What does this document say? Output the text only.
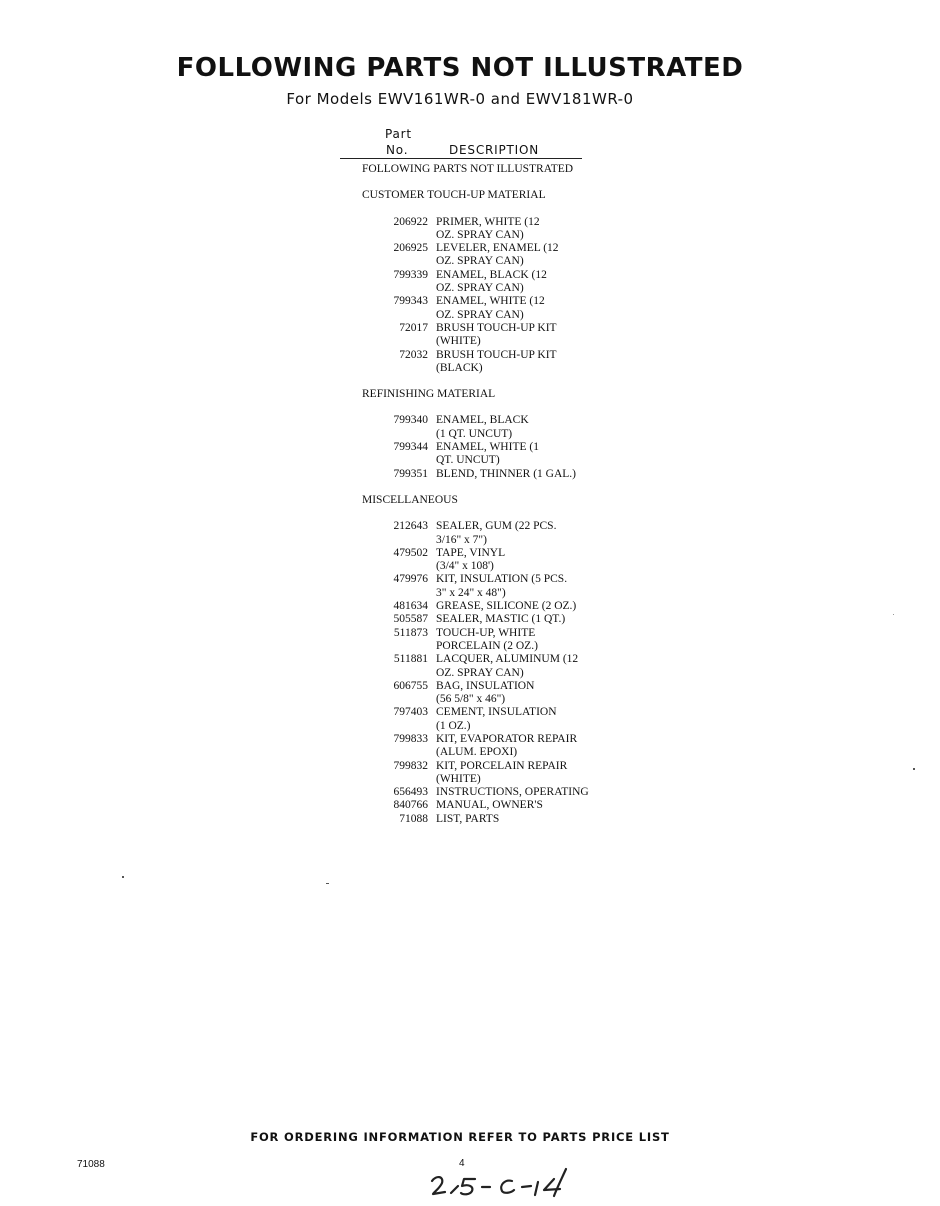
FOLLOWING PARTS NOT ILLUSTRATED
For Models EWV161WR-0 and EWV181WR-0
Part
No.	DESCRIPTION
FOLLOWING PARTS NOT ILLUSTRATED
CUSTOMER TOUCH-UP MATERIAL
206922 PRIMER, WHITE (12
OZ. SPRAY CAN)
206925 LEVELER, ENAMEL (12
OZ. SPRAY CAN)
799339 ENAMEL, BLACK (12
OZ. SPRAY CAN)
799343 ENAMEL, WHITE (12
OZ. SPRAY CAN)
72017 BRUSH TOUCH-UP KIT
(WHITE)
72032 BRUSH TOUCH-UP KIT
(BLACK)
REFINISHING MATERIAL
799340 ENAMEL, BLACK
(1 QT. UNCUT)
799344 ENAMEL, WHITE (1
QT. UNCUT)
799351 BLEND, THINNER (1 GAL.)
MISCELLANEOUS
212643 SEALER, GUM (22 PCS.
3/16" x 7")
479502 TAPE, VINYL
(3/4" x 108')
479976 KIT, INSULATION (5 PCS.
3" x 24" x 48")
481634 GREASE, SILICONE (2 OZ.)
505587 SEALER, MASTIC (1 QT.)
511873 TOUCH-UP, WHITE
PORCELAIN (2 OZ.)
511881 LACQUER, ALUMINUM (12
OZ. SPRAY CAN)
606755 BAG, INSULATION
(56 5/8" x 46")
797403 CEMENT, INSULATION
(1 OZ.)
799833 KIT, EVAPORATOR REPAIR
(ALUM. EPOXI)
799832 KIT, PORCELAIN REPAIR
(WHITE)
656493 INSTRUCTIONS, OPERATING
840766 MANUAL, OWNER'S
71088 LIST, PARTS
FOR ORDERING INFORMATION REFER TO PARTS PRICE LIST
71088	4
